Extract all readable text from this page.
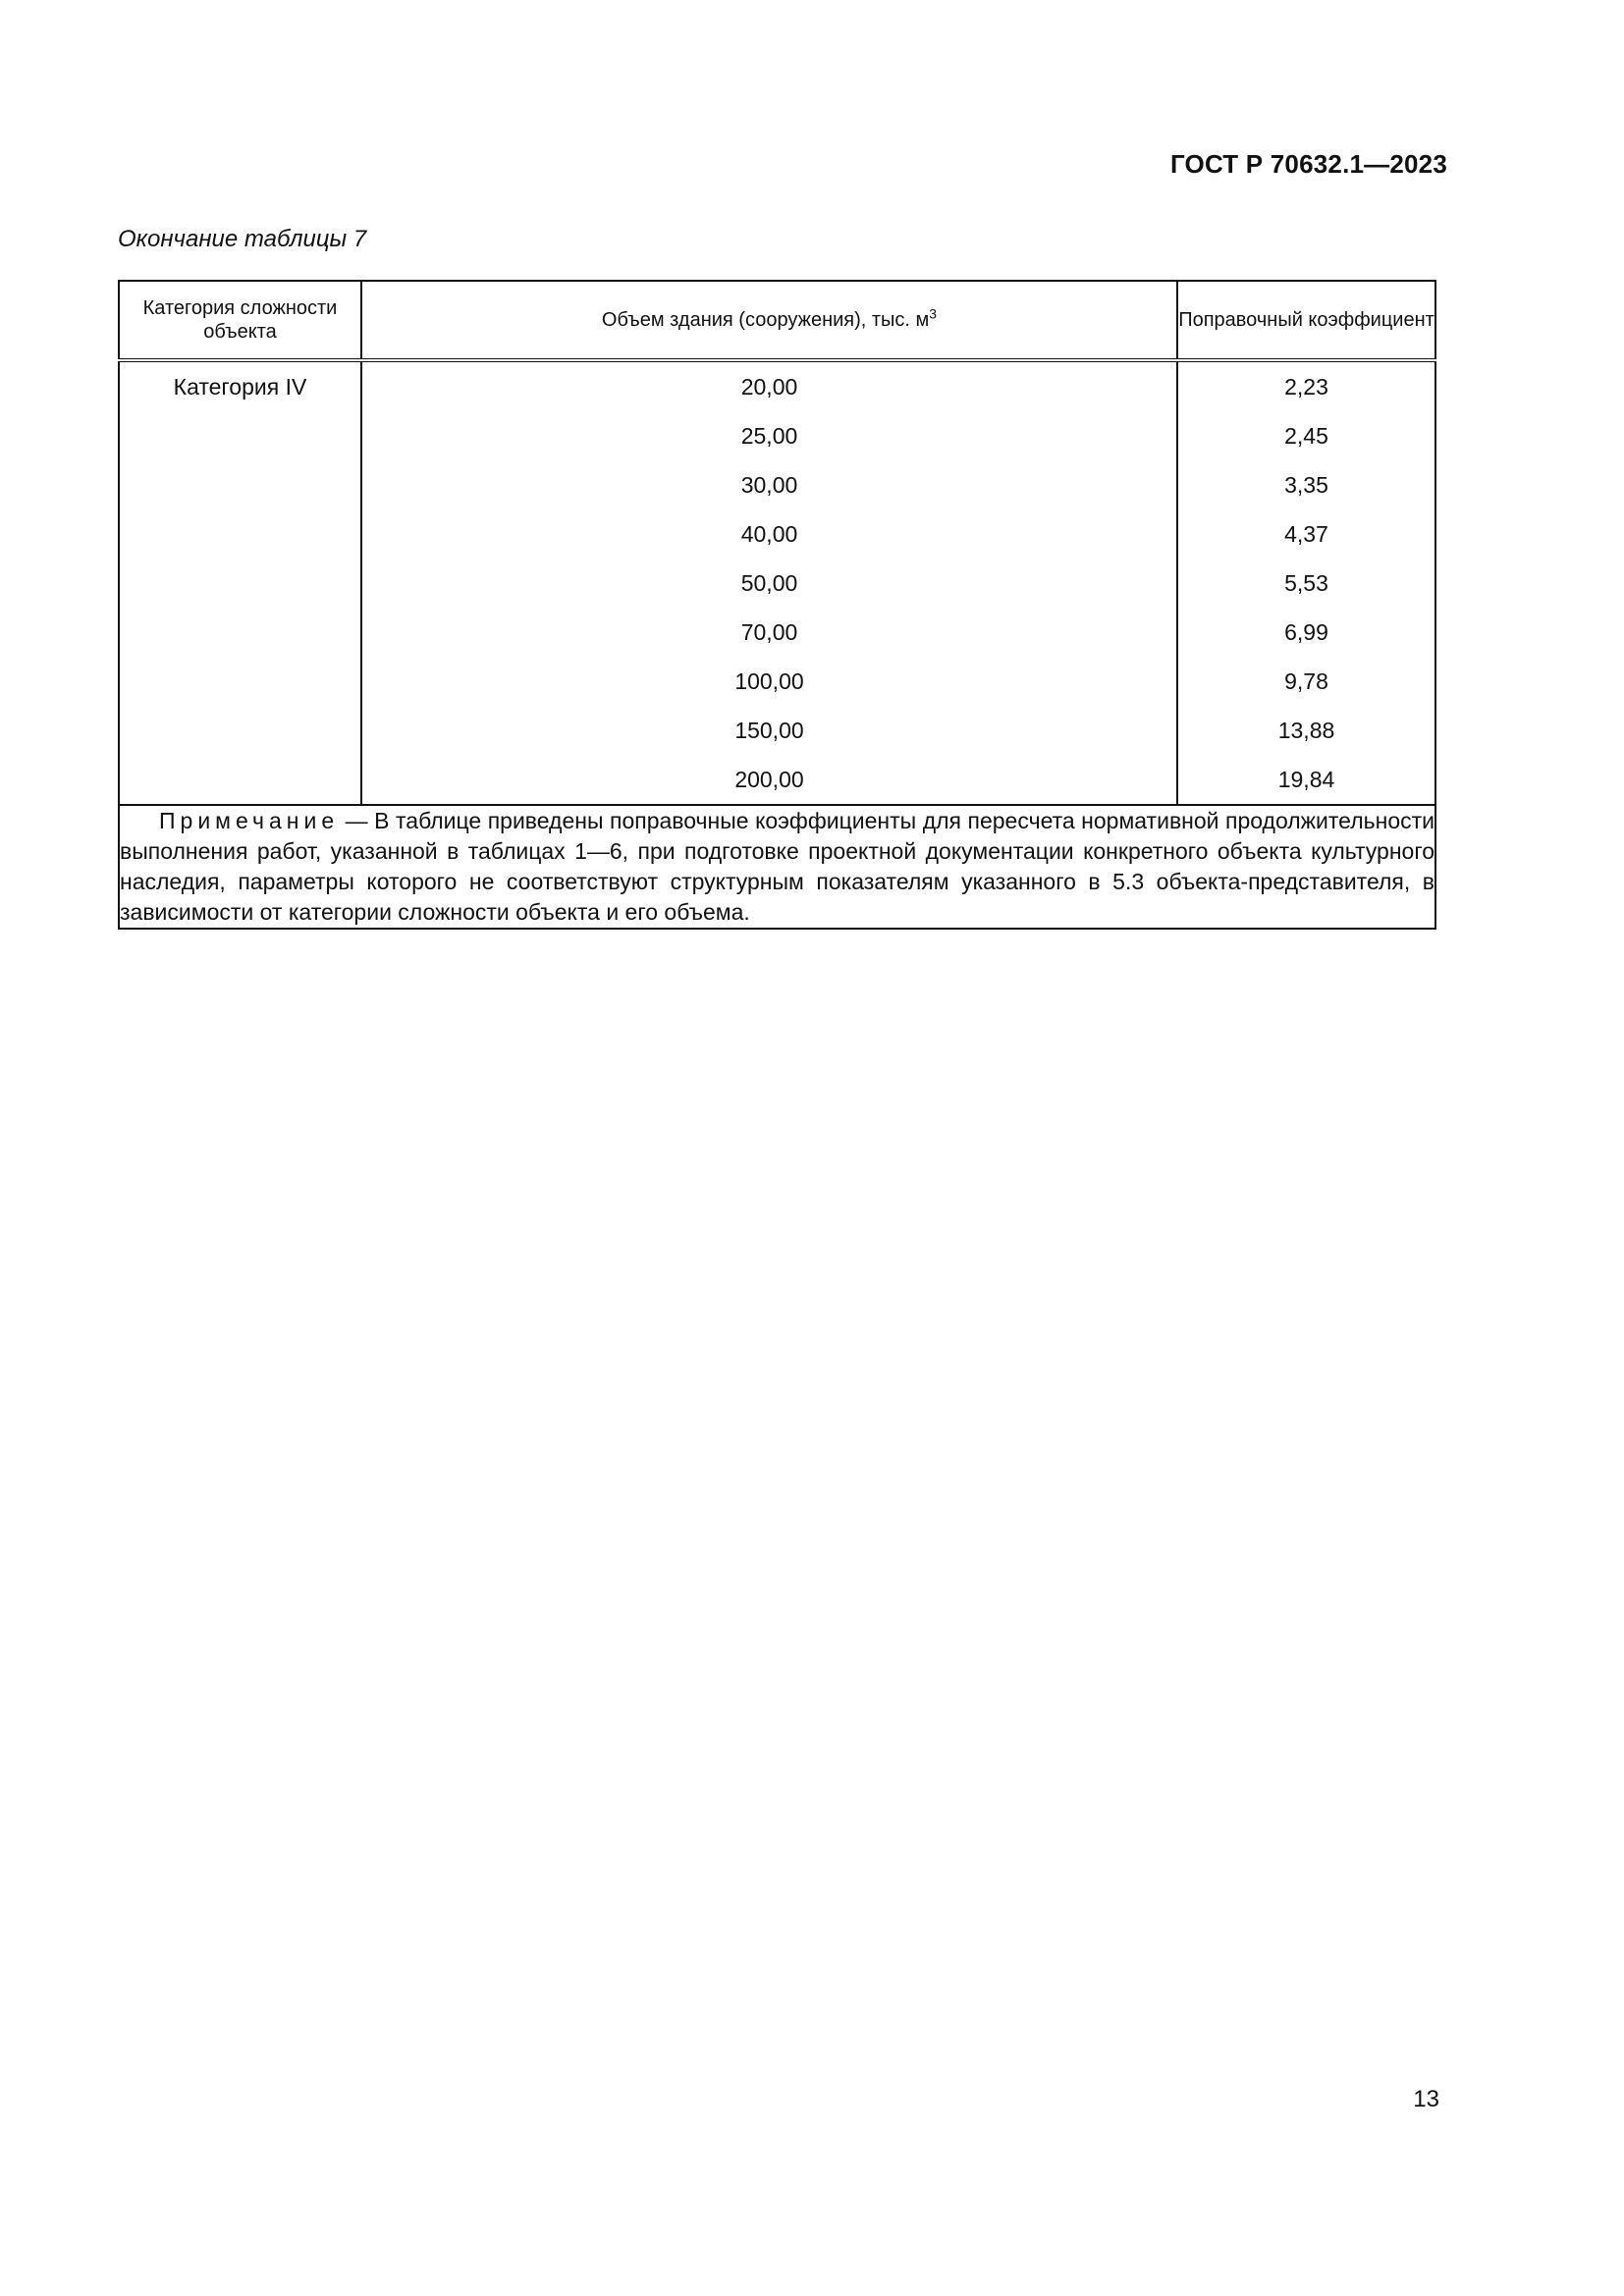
ГОСТ Р 70632.1—2023
Окончание таблицы 7
Категория сложности объекта	Объем здания (сооружения), тыс. $м^3$	Поправочный коэффициент
Категория IV	20,00	2,23
	25,00	2,45
	30,00	3,35
	40,00	4,37
	50,00	5,53
	70,00	6,99
	100,00	9,78
	150,00	13,88
	200,00	19,84
Примечание — В таблице приведены поправочные коэффициенты для пересчета нормативной продолжительности выполнения работ, указанной в таблицах 1—6, при подготовке проектной документации конкретного объекта культурного наследия, параметры которого не соответствуют структурным показателям указанного в 5.3 объекта-представителя, в зависимости от категории сложности объекта и его объема.		
13
